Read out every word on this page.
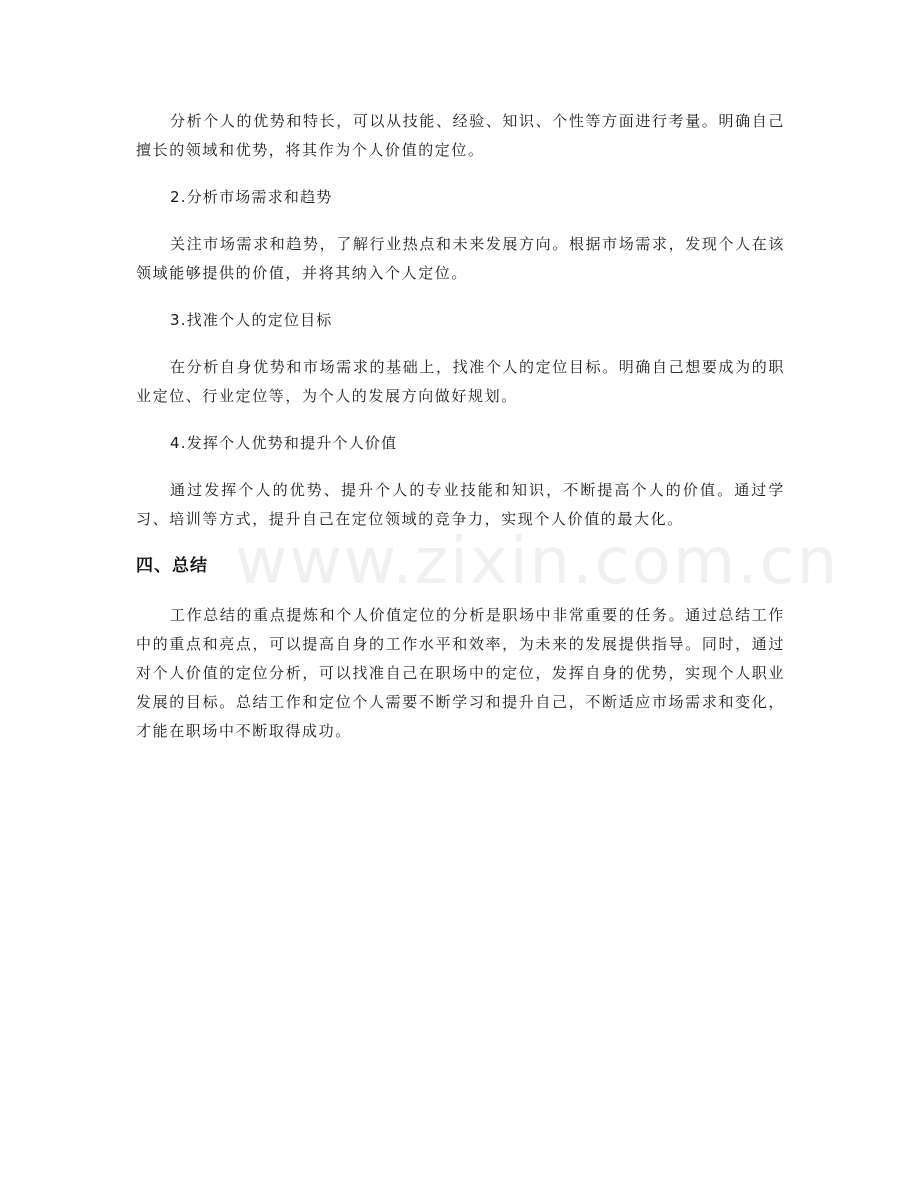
www.zixin.com.cn

分析个人的优势和特长，可以从技能、经验、知识、个性等方面进行考量。明确自己擅长的领域和优势，将其作为个人价值的定位。

2.分析市场需求和趋势

关注市场需求和趋势，了解行业热点和未来发展方向。根据市场需求，发现个人在该领域能够提供的价值，并将其纳入个人定位。

3.找准个人的定位目标

在分析自身优势和市场需求的基础上，找准个人的定位目标。明确自己想要成为的职业定位、行业定位等，为个人的发展方向做好规划。

4.发挥个人优势和提升个人价值

通过发挥个人的优势、提升个人的专业技能和知识，不断提高个人的价值。通过学习、培训等方式，提升自己在定位领域的竞争力，实现个人价值的最大化。

四、总结

工作总结的重点提炼和个人价值定位的分析是职场中非常重要的任务。通过总结工作中的重点和亮点，可以提高自身的工作水平和效率，为未来的发展提供指导。同时，通过对个人价值的定位分析，可以找准自己在职场中的定位，发挥自身的优势，实现个人职业发展的目标。总结工作和定位个人需要不断学习和提升自己，不断适应市场需求和变化，才能在职场中不断取得成功。
